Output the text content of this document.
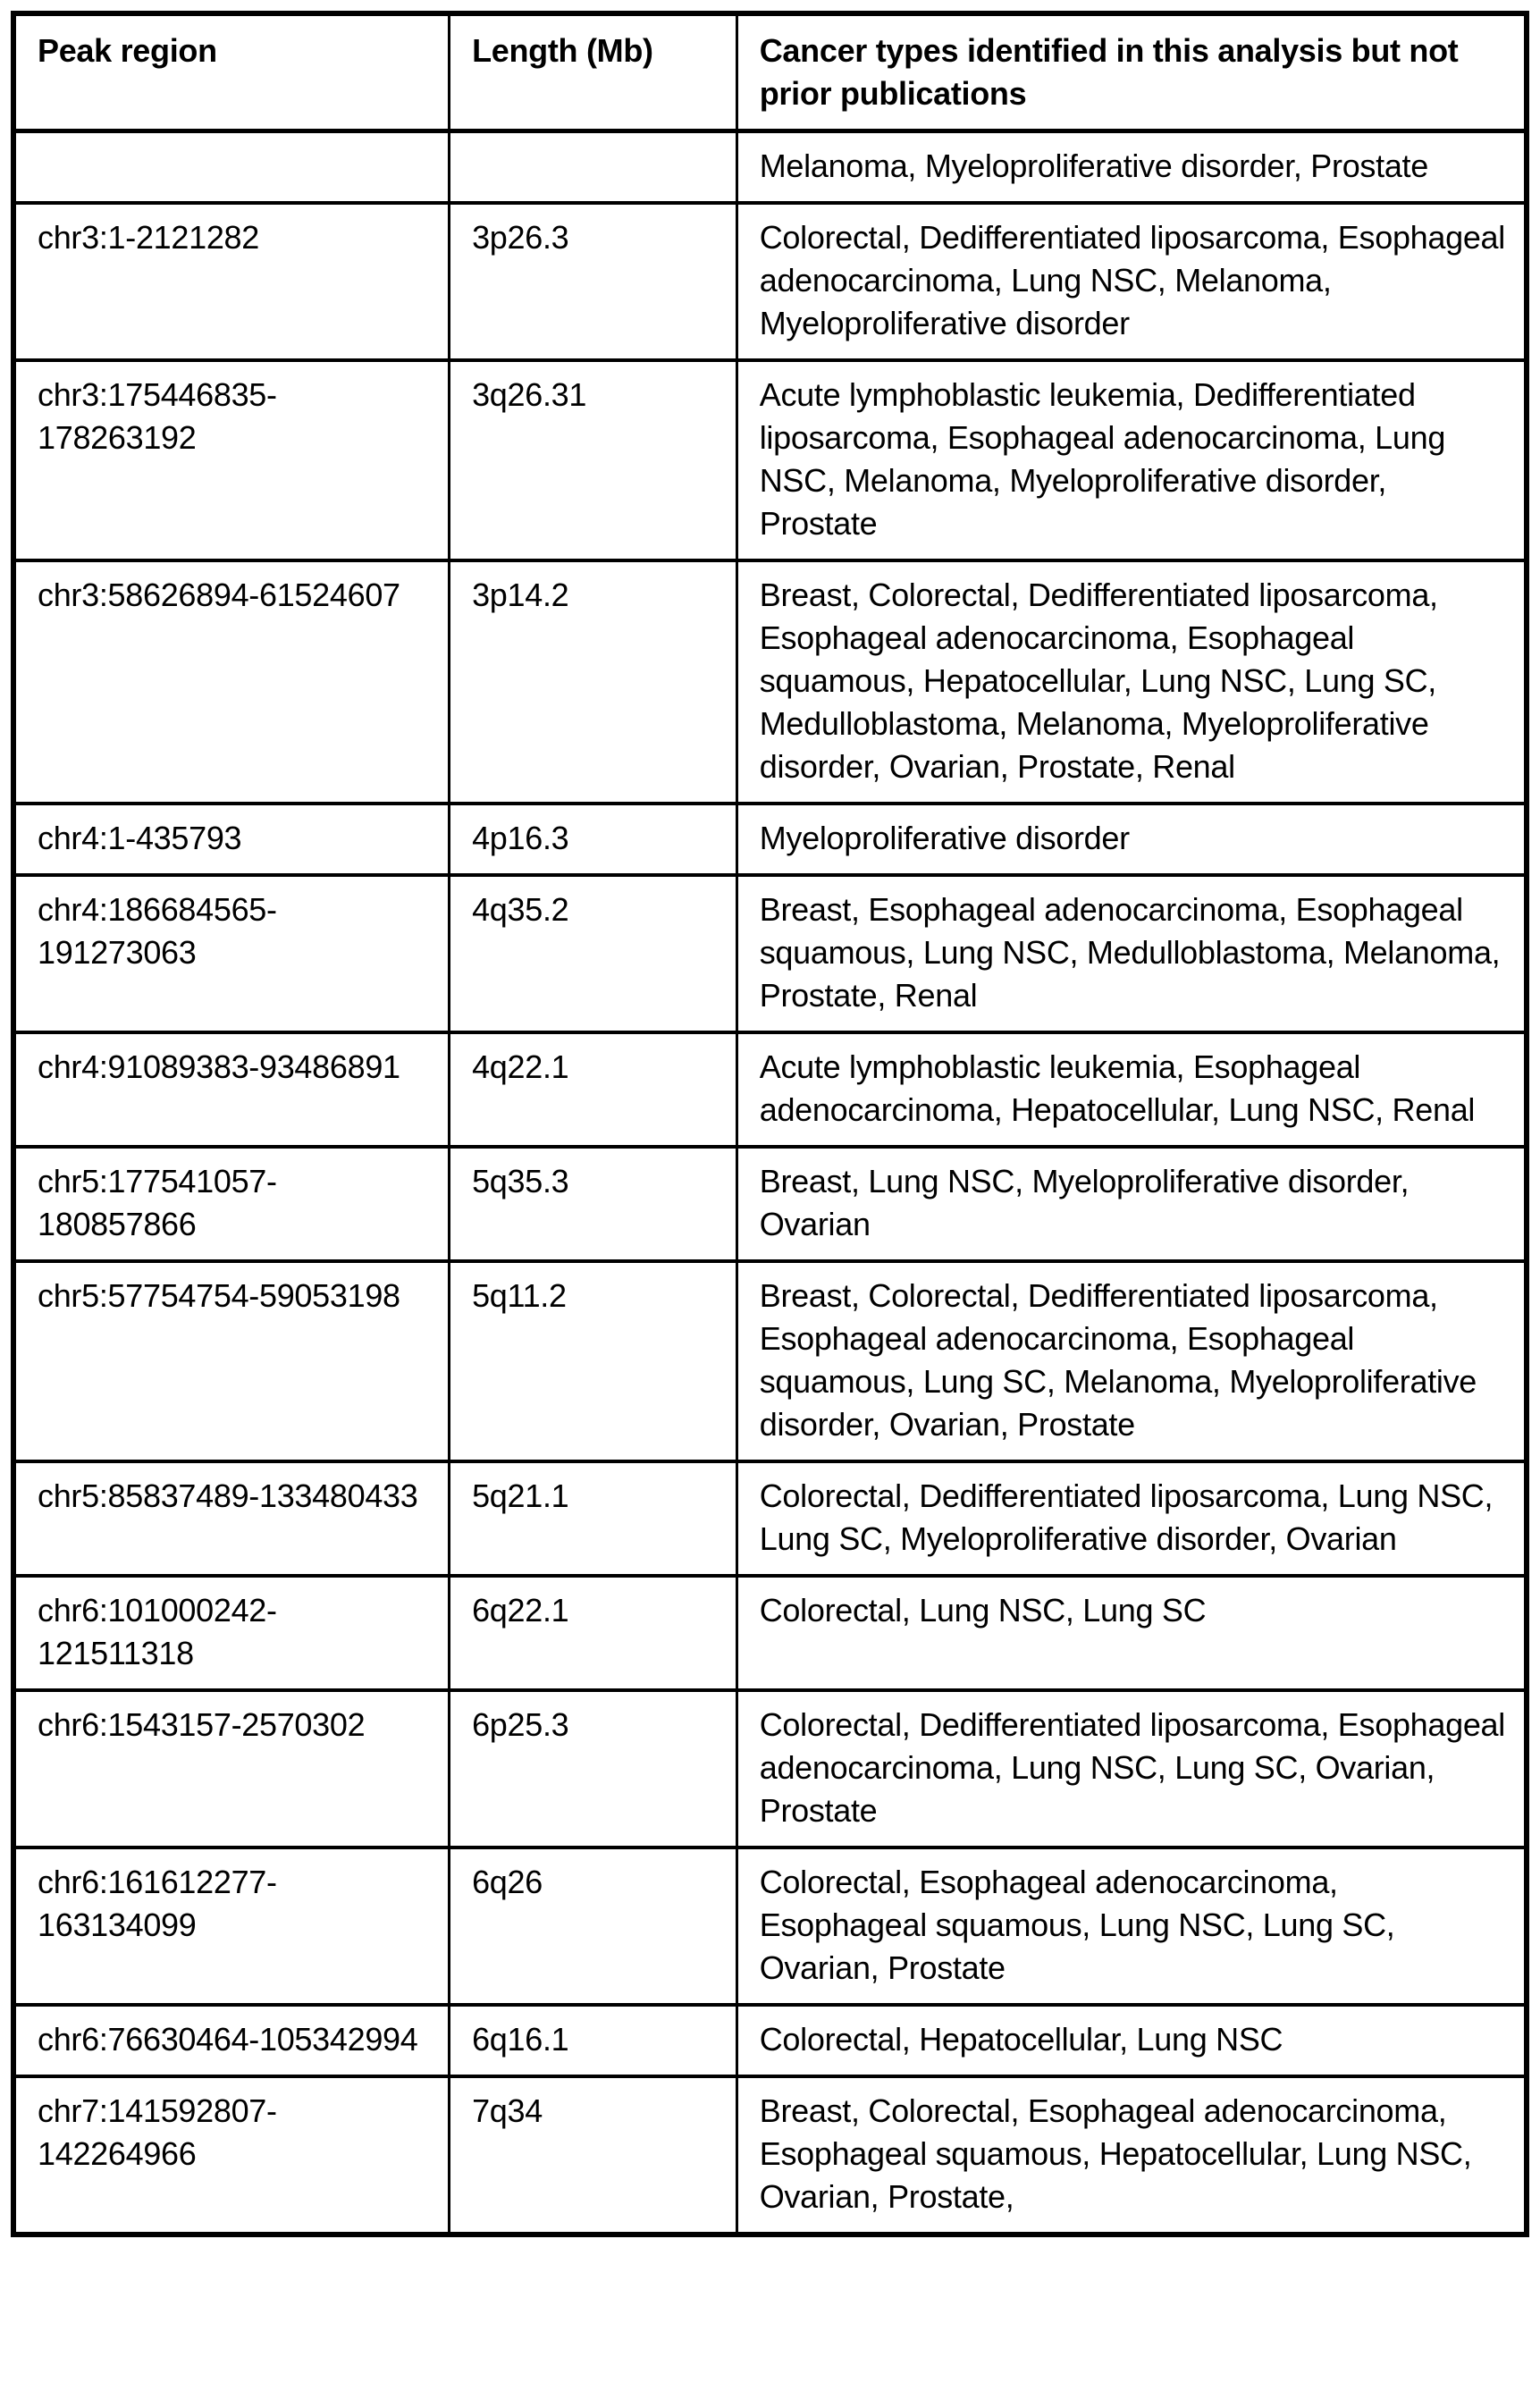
Peak region	Length (Mb)	Cancer types identified in this analysis but not prior publications
		Melanoma, Myeloproliferative disorder, Prostate
chr3:1-2121282	3p26.3	Colorectal, Dedifferentiated liposarcoma, Esophageal adenocarcinoma, Lung NSC, Melanoma, Myeloproliferative disorder
chr3:175446835-178263192	3q26.31	Acute lymphoblastic leukemia, Dedifferentiated liposarcoma, Esophageal adenocarcinoma, Lung NSC, Melanoma, Myeloproliferative disorder, Prostate
chr3:58626894-61524607	3p14.2	Breast, Colorectal, Dedifferentiated liposarcoma, Esophageal adenocarcinoma, Esophageal squamous, Hepatocellular, Lung NSC, Lung SC, Medulloblastoma, Melanoma, Myeloproliferative disorder, Ovarian, Prostate, Renal
chr4:1-435793	4p16.3	Myeloproliferative disorder
chr4:186684565-191273063	4q35.2	Breast, Esophageal adenocarcinoma, Esophageal squamous, Lung NSC, Medulloblastoma, Melanoma, Prostate, Renal
chr4:91089383-93486891	4q22.1	Acute lymphoblastic leukemia, Esophageal adenocarcinoma, Hepatocellular, Lung NSC, Renal
chr5:177541057-180857866	5q35.3	Breast, Lung NSC, Myeloproliferative disorder, Ovarian
chr5:57754754-59053198	5q11.2	Breast, Colorectal, Dedifferentiated liposarcoma, Esophageal adenocarcinoma, Esophageal squamous, Lung SC, Melanoma, Myeloproliferative disorder, Ovarian, Prostate
chr5:85837489-133480433	5q21.1	Colorectal, Dedifferentiated liposarcoma, Lung NSC, Lung SC, Myeloproliferative disorder, Ovarian
chr6:101000242-121511318	6q22.1	Colorectal, Lung NSC, Lung SC
chr6:1543157-2570302	6p25.3	Colorectal, Dedifferentiated liposarcoma, Esophageal adenocarcinoma, Lung NSC, Lung SC, Ovarian, Prostate
chr6:161612277-163134099	6q26	Colorectal, Esophageal adenocarcinoma, Esophageal squamous, Lung NSC, Lung SC, Ovarian, Prostate
chr6:76630464-105342994	6q16.1	Colorectal, Hepatocellular, Lung NSC
chr7:141592807-142264966	7q34	Breast, Colorectal, Esophageal adenocarcinoma, Esophageal squamous, Hepatocellular, Lung NSC, Ovarian, Prostate,
